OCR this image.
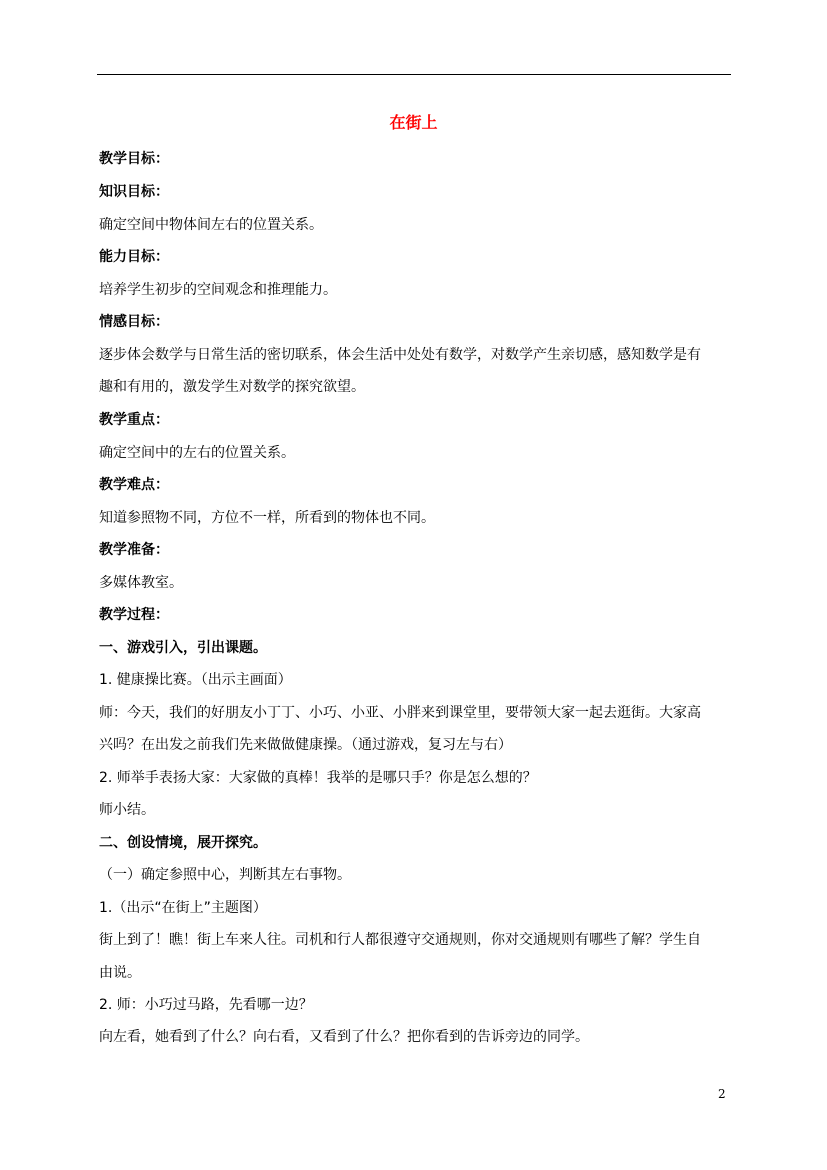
在街上
教学目标：
知识目标：
确定空间中物体间左右的位置关系。
能力目标：
培养学生初步的空间观念和推理能力。
情感目标：
逐步体会数学与日常生活的密切联系，体会生活中处处有数学，对数学产生亲切感，感知数学是有
趣和有用的，激发学生对数学的探究欲望。
教学重点：
确定空间中的左右的位置关系。
教学难点：
知道参照物不同，方位不一样，所看到的物体也不同。
教学准备：
多媒体教室。
教学过程：
一、游戏引入，引出课题。
1. 健康操比赛。（出示主画面）
师：今天，我们的好朋友小丁丁、小巧、小亚、小胖来到课堂里，要带领大家一起去逛街。大家高
兴吗？在出发之前我们先来做做健康操。（通过游戏，复习左与右）
2. 师举手表扬大家：大家做的真棒！我举的是哪只手？你是怎么想的？
师小结。
二、创设情境，展开探究。
（一）确定参照中心，判断其左右事物。
1.（出示“在街上”主题图）
街上到了！瞧！街上车来人往。司机和行人都很遵守交通规则，你对交通规则有哪些了解？学生自
由说。
2. 师：小巧过马路，先看哪一边？
向左看，她看到了什么？向右看，又看到了什么？把你看到的告诉旁边的同学。
2
